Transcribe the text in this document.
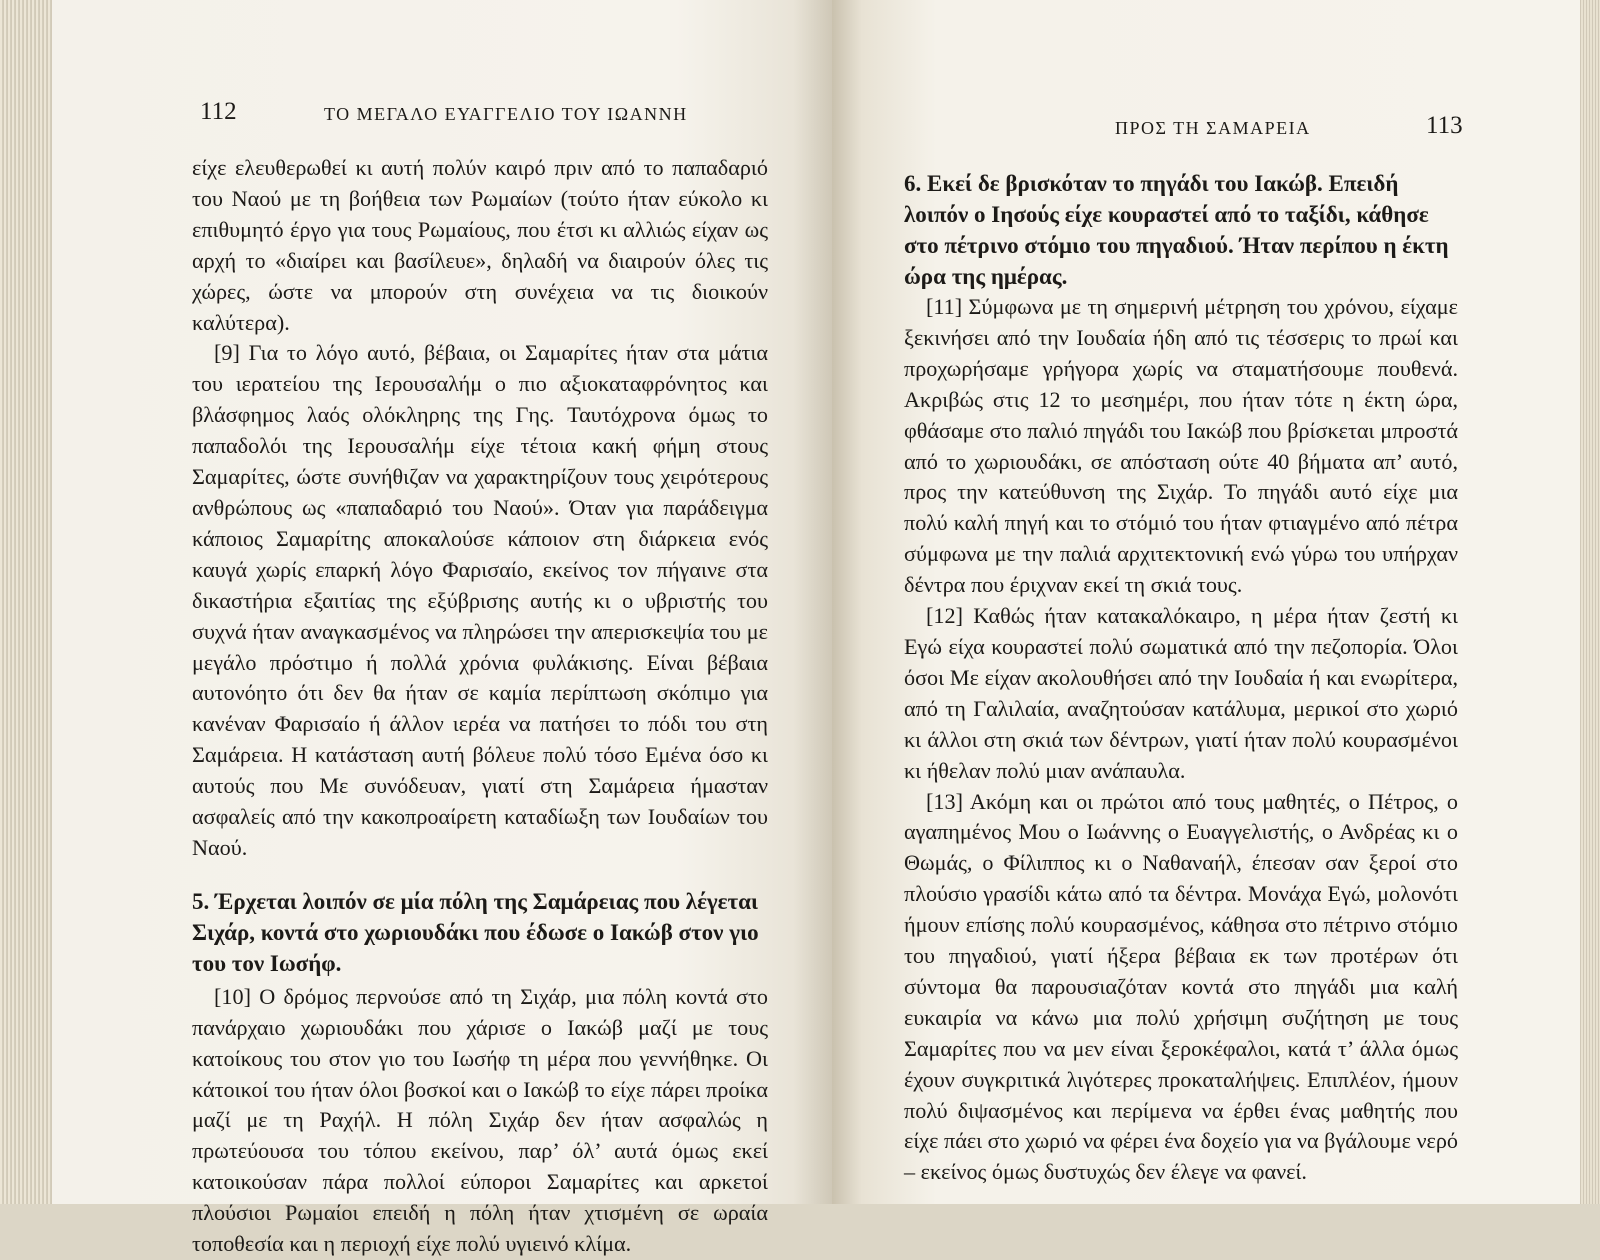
112	ΤΟ ΜΕΓΑΛΟ ΕΥΑΓΓΕΛΙΟ ΤΟΥ ΙΩΑΝΝΗ

είχε ελευθερωθεί κι αυτή πολύν καιρό πριν από το παπαδαριό του Ναού με τη βοήθεια των Ρωμαίων (τούτο ήταν εύκολο κι επιθυμητό έργο για τους Ρωμαίους, που έτσι κι αλλιώς είχαν ως αρχή το «διαίρει και βασίλευε», δηλαδή να διαιρούν όλες τις χώρες, ώστε να μπορούν στη συνέχεια να τις διοικούν καλύτερα).

[9] Για το λόγο αυτό, βέβαια, οι Σαμαρίτες ήταν στα μάτια του ιερατείου της Ιερουσαλήμ ο πιο αξιοκαταφρόνητος και βλάσφημος λαός ολόκληρης της Γης. Ταυτόχρονα όμως το παπαδολόι της Ιερουσαλήμ είχε τέτοια κακή φήμη στους Σαμαρίτες, ώστε συνήθιζαν να χαρακτηρίζουν τους χειρότερους ανθρώπους ως «παπαδαριό του Ναού». Όταν για παράδειγμα κάποιος Σαμαρίτης αποκαλούσε κάποιον στη διάρκεια ενός καυγά χωρίς επαρκή λόγο Φαρισαίο, εκείνος τον πήγαινε στα δικαστήρια εξαιτίας της εξύβρισης αυτής κι ο υβριστής του συχνά ήταν αναγκασμένος να πληρώσει την απερισκεψία του με μεγάλο πρόστιμο ή πολλά χρόνια φυλάκισης. Είναι βέβαια αυτονόητο ότι δεν θα ήταν σε καμία περίπτωση σκόπιμο για κανέναν Φαρισαίο ή άλλον ιερέα να πατήσει το πόδι του στη Σαμάρεια. Η κατάσταση αυτή βόλευε πολύ τόσο Εμένα όσο κι αυτούς που Με συνόδευαν, γιατί στη Σαμάρεια ήμασταν ασφαλείς από την κακοπροαίρετη καταδίωξη των Ιουδαίων του Ναού.

5. Έρχεται λοιπόν σε μία πόλη της Σαμάρειας που λέγεται Σιχάρ, κοντά στο χωριουδάκι που έδωσε ο Ιακώβ στον γιο του τον Ιωσήφ.

[10] Ο δρόμος περνούσε από τη Σιχάρ, μια πόλη κοντά στο πανάρχαιο χωριουδάκι που χάρισε ο Ιακώβ μαζί με τους κατοίκους του στον γιο του Ιωσήφ τη μέρα που γεννήθηκε. Οι κάτοικοί του ήταν όλοι βοσκοί και ο Ιακώβ το είχε πάρει προίκα μαζί με τη Ραχήλ. Η πόλη Σιχάρ δεν ήταν ασφαλώς η πρωτεύουσα του τόπου εκείνου, παρ’ όλ’ αυτά όμως εκεί κατοικούσαν πάρα πολλοί εύποροι Σαμαρίτες και αρκετοί πλούσιοι Ρωμαίοι επειδή η πόλη ήταν χτισμένη σε ωραία τοποθεσία και η περιοχή είχε πολύ υγιεινό κλίμα.

ΠΡΟΣ ΤΗ ΣΑΜΑΡΕΙΑ	113
6. Εκεί δε βρισκόταν το πηγάδι του Ιακώβ. Επειδή λοιπόν ο Ιησούς είχε κουραστεί από το ταξίδι, κάθησε στο πέτρινο στόμιο του πηγαδιού. Ήταν περίπου η έκτη ώρα της ημέρας.

[11] Σύμφωνα με τη σημερινή μέτρηση του χρόνου, είχαμε ξεκινήσει από την Ιουδαία ήδη από τις τέσσερις το πρωί και προχωρήσαμε γρήγορα χωρίς να σταματήσουμε πουθενά. Ακριβώς στις 12 το μεσημέρι, που ήταν τότε η έκτη ώρα, φθάσαμε στο παλιό πηγάδι του Ιακώβ που βρίσκεται μπροστά από το χωριουδάκι, σε απόσταση ούτε 40 βήματα απ’ αυτό, προς την κατεύθυνση της Σιχάρ. Το πηγάδι αυτό είχε μια πολύ καλή πηγή και το στόμιό του ήταν φτιαγμένο από πέτρα σύμφωνα με την παλιά αρχιτεκτονική ενώ γύρω του υπήρχαν δέντρα που έριχναν εκεί τη σκιά τους.

[12] Καθώς ήταν κατακαλόκαιρο, η μέρα ήταν ζεστή κι Εγώ είχα κουραστεί πολύ σωματικά από την πεζοπορία. Όλοι όσοι Με είχαν ακολουθήσει από την Ιουδαία ή και ενωρίτερα, από τη Γαλιλαία, αναζητούσαν κατάλυμα, μερικοί στο χωριό κι άλλοι στη σκιά των δέντρων, γιατί ήταν πολύ κουρασμένοι κι ήθελαν πολύ μιαν ανάπαυλα.

[13] Ακόμη και οι πρώτοι από τους μαθητές, ο Πέτρος, ο αγαπημένος Μου ο Ιωάννης ο Ευαγγελιστής, ο Ανδρέας κι ο Θωμάς, ο Φίλιππος κι ο Ναθαναήλ, έπεσαν σαν ξεροί στο πλούσιο γρασίδι κάτω από τα δέντρα. Μονάχα Εγώ, μολονότι ήμουν επίσης πολύ κουρασμένος, κάθησα στο πέτρινο στόμιο του πηγαδιού, γιατί ήξερα βέβαια εκ των προτέρων ότι σύντομα θα παρουσιαζόταν κοντά στο πηγάδι μια καλή ευκαιρία να κάνω μια πολύ χρήσιμη συζήτηση με τους Σαμαρίτες που να μεν είναι ξεροκέφαλοι, κατά τ’ άλλα όμως έχουν συγκριτικά λιγότερες προκαταλήψεις. Επιπλέον, ήμουν πολύ διψασμένος και περίμενα να έρθει ένας μαθητής που είχε πάει στο χωριό να φέρει ένα δοχείο για να βγάλουμε νερό – εκείνος όμως δυστυχώς δεν έλεγε να φανεί.
